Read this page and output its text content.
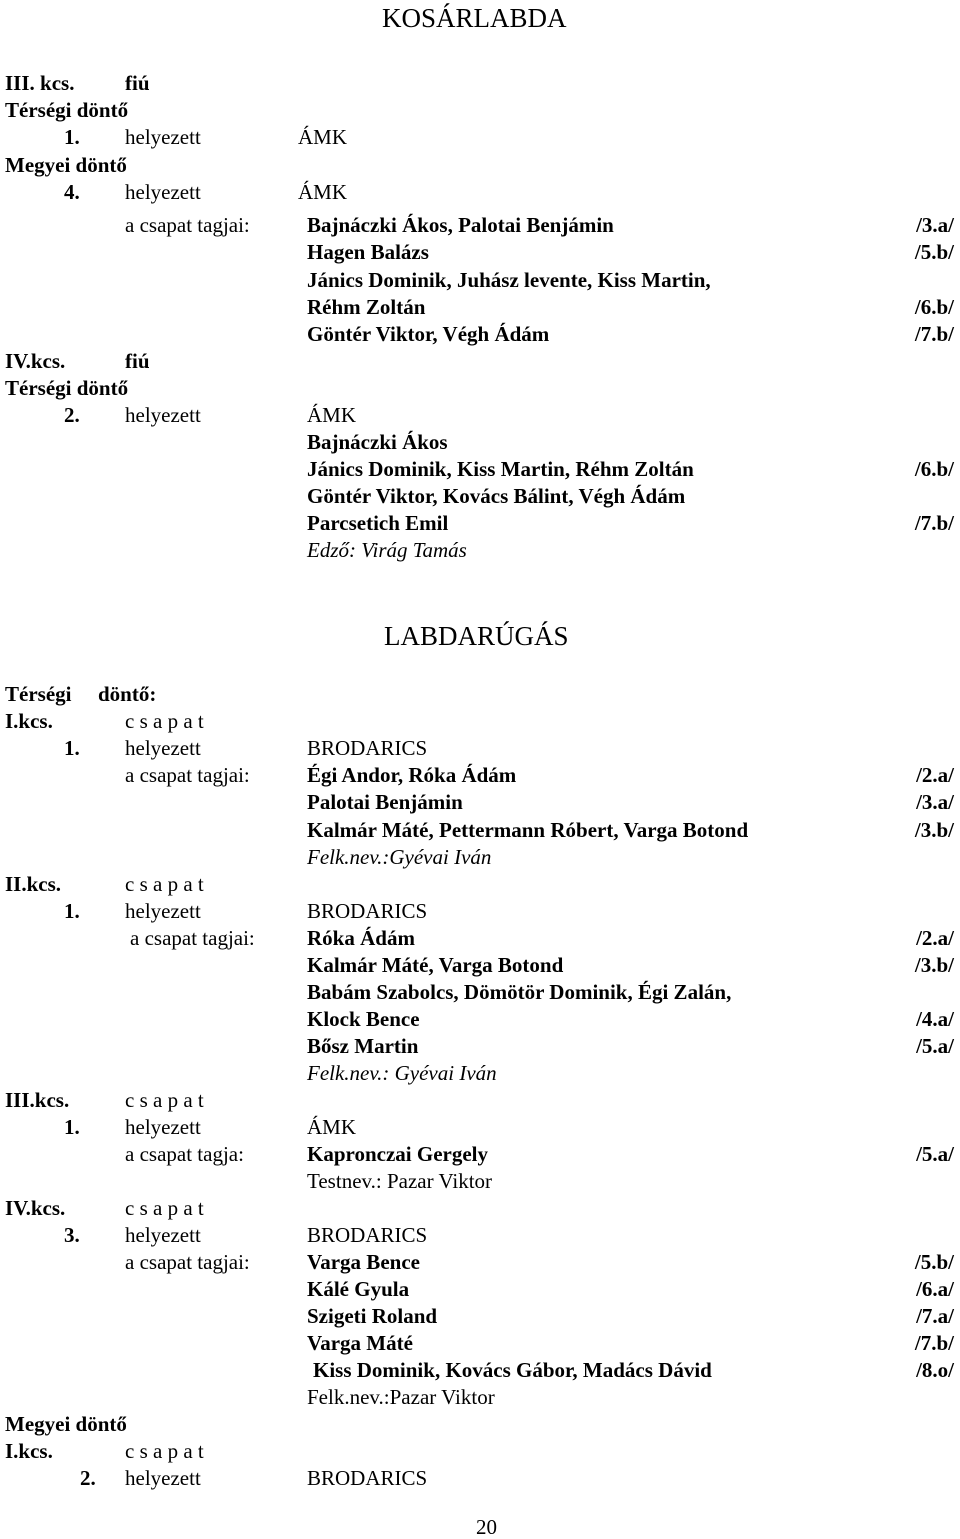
KOSÁRLABDA
III. kcs. fiú
Térségi döntő
1. helyezett	ÁMK
Megyei döntő
4. helyezett	ÁMK
a csapat tagjai:	Bajnáczki Ákos, Palotai Benjámin	/3.a/
Hagen Balázs	/5.b/
Jánics Dominik, Juhász levente, Kiss Martin,
Réhm Zoltán	/6.b/
Göntér Viktor, Végh Ádám	/7.b/
IV.kcs.	fiú
Térségi döntő
2. helyezett	ÁMK
Bajnáczki Ákos
Jánics Dominik, Kiss Martin, Réhm Zoltán	/6.b/
Göntér Viktor, Kovács Bálint, Végh Ádám
Parcsetich Emil	/7.b/
Edző: Virág Tamás
LABDARÚGÁS
Térségi döntő:
I.kcs.	c s a p a t
1. helyezett	BRODARICS
a csapat tagjai:	Égi Andor, Róka Ádám	/2.a/
Palotai Benjámin	/3.a/
Kalmár Máté, Pettermann Róbert, Varga Botond	/3.b/
Felk.nev.:Gyévai Iván
II.kcs.	c s a p a t
1. helyezett	BRODARICS
a csapat tagjai: Róka Ádám	/2.a/
Kalmár Máté, Varga Botond	/3.b/
Babám Szabolcs, Dömötör Dominik, Égi Zalán,
Klock Bence	/4.a/
Bősz Martin	/5.a/
Felk.nev.: Gyévai Iván
III.kcs.	c s a p a t
1. helyezett	ÁMK
a csapat tagja:	Kapronczai Gergely	/5.a/
Testnev.: Pazar Viktor
IV.kcs.	c s a p a t
3. helyezett	BRODARICS
a csapat tagjai:	Varga Bence	/5.b/
Kálé Gyula	/6.a/
Szigeti Roland	/7.a/
Varga Máté	/7.b/
Kiss Dominik, Kovács Gábor, Madács Dávid	/8.o/
Felk.nev.:Pazar Viktor
Megyei döntő
I.kcs.	c s a p a t
2. helyezett	BRODARICS
20
